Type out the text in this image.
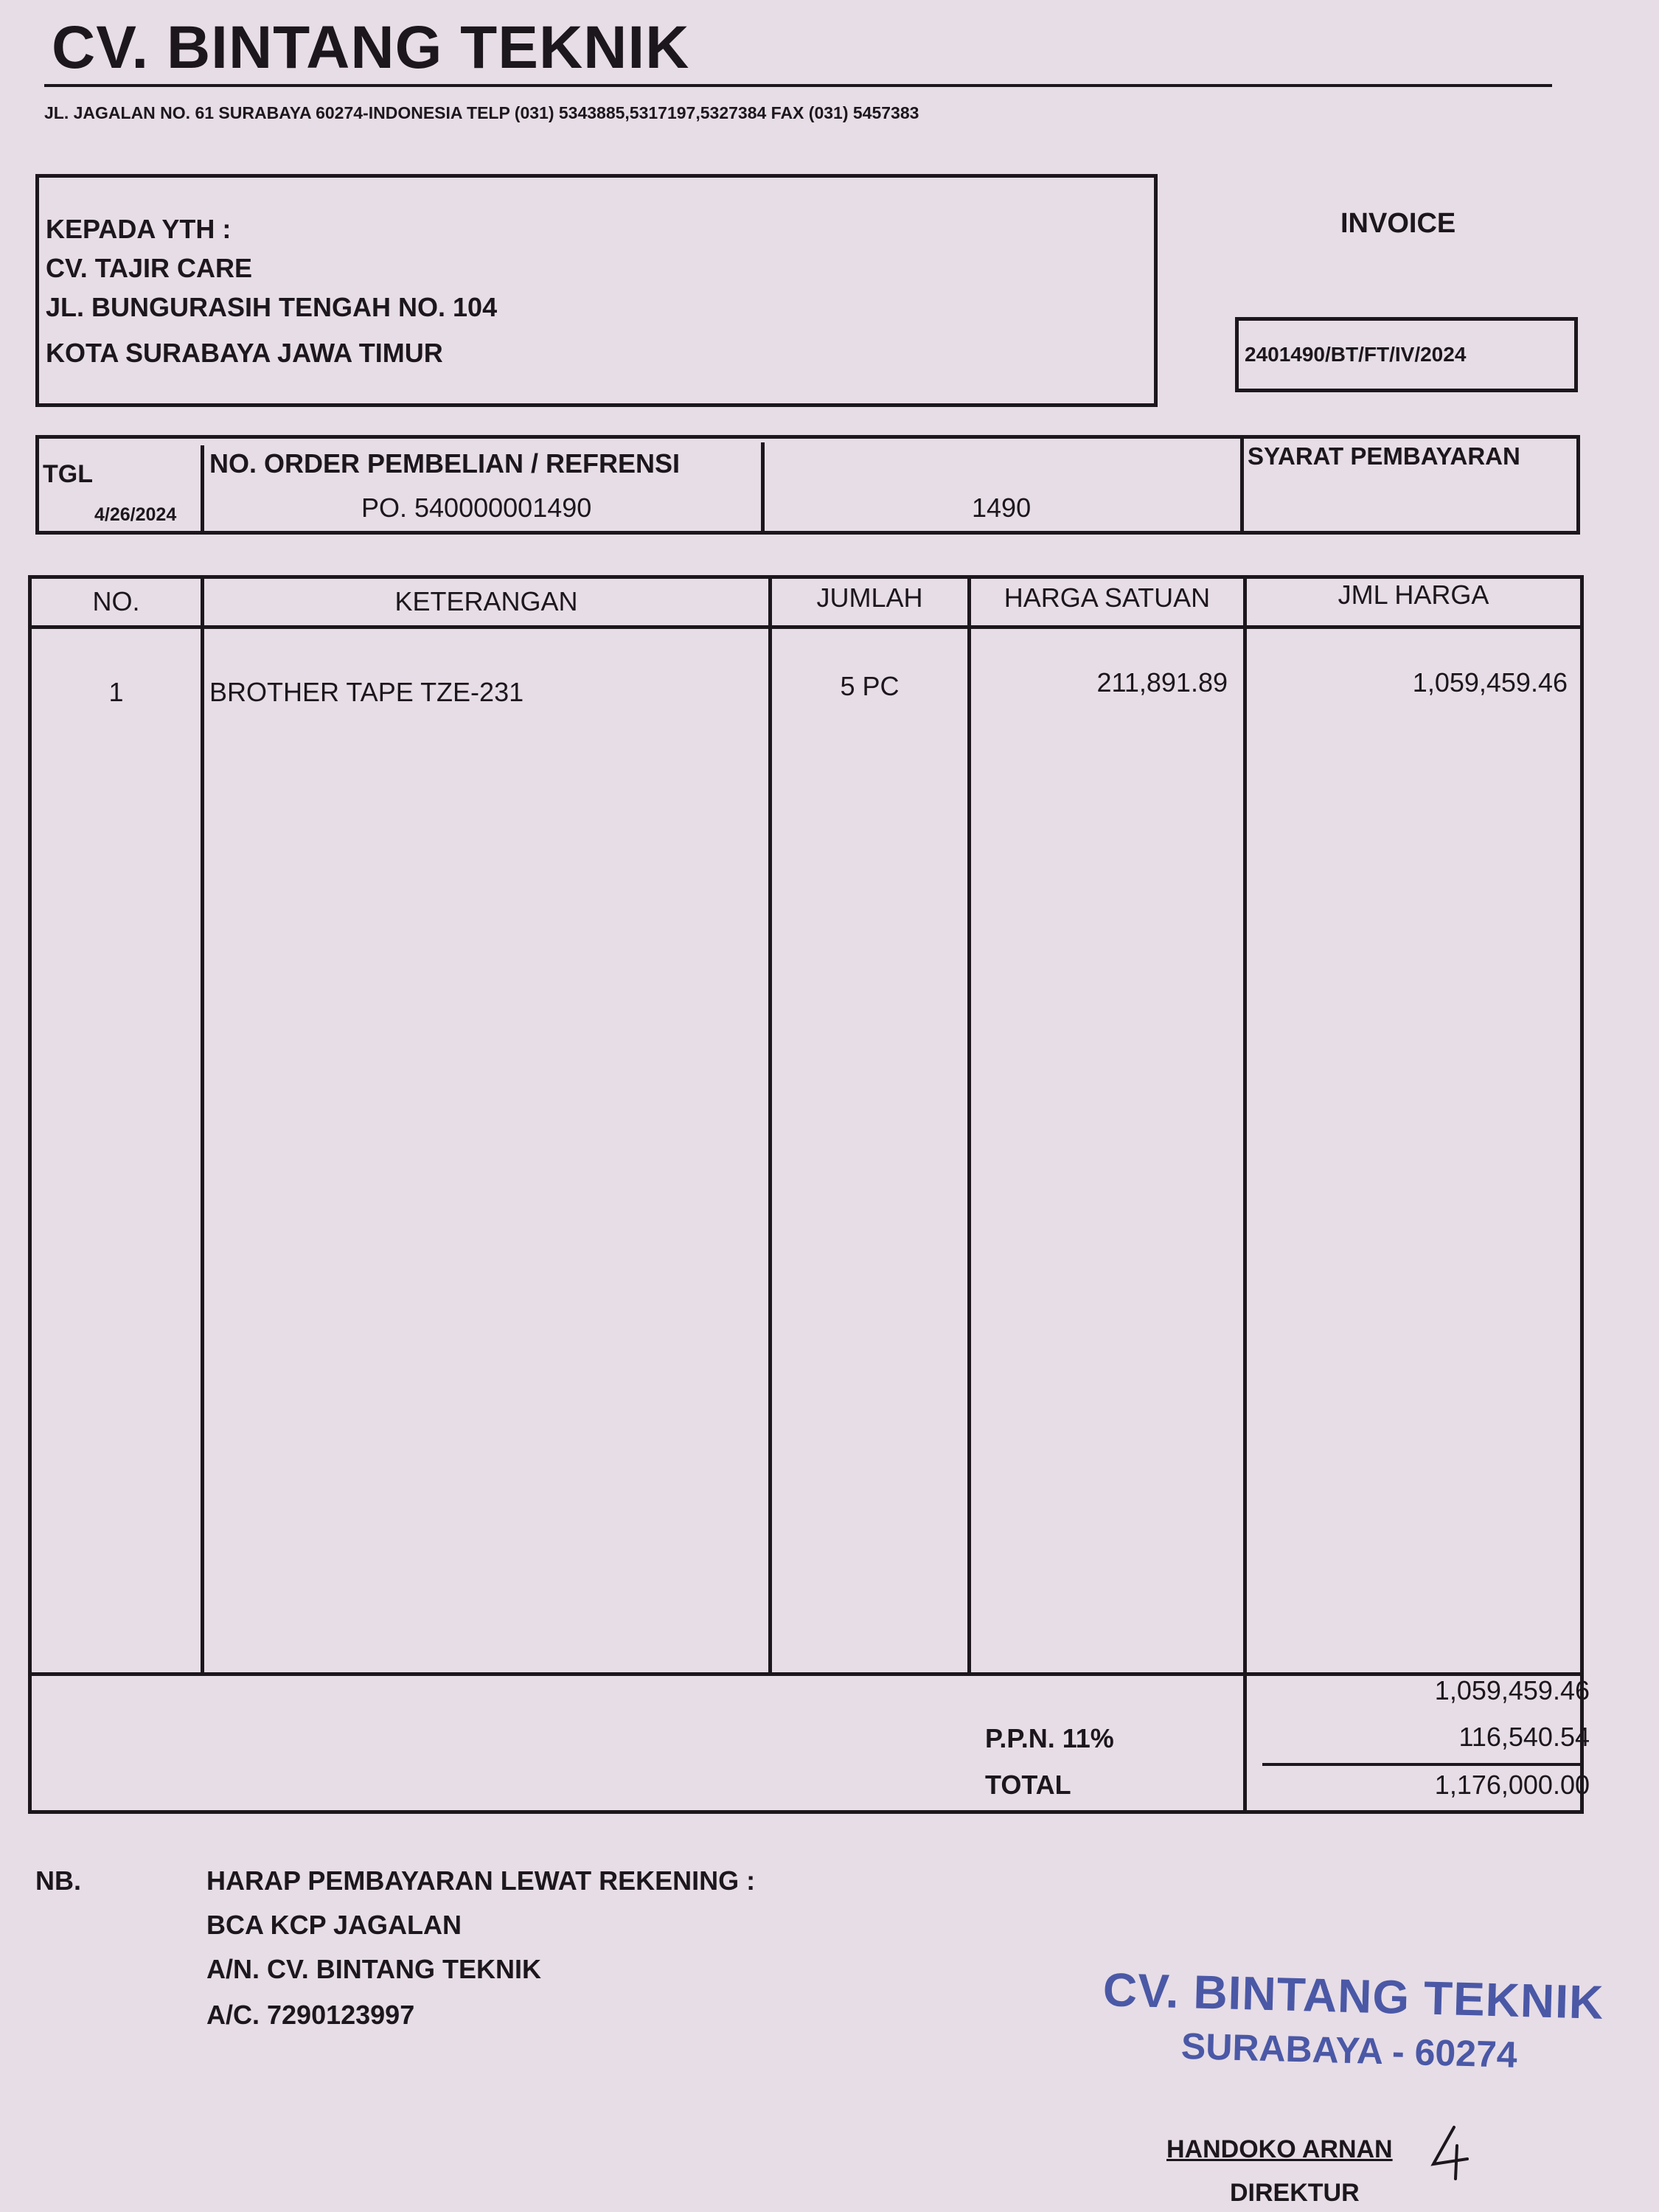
CV. BINTANG TEKNIK
JL. JAGALAN NO. 61 SURABAYA 60274-INDONESIA TELP (031) 5343885,5317197,5327384 FAX (031) 5457383
KEPADA YTH :
CV. TAJIR CARE
JL. BUNGURASIH TENGAH NO. 104
KOTA SURABAYA JAWA TIMUR
INVOICE
2401490/BT/FT/IV/2024
TGL
4/26/2024
NO. ORDER PEMBELIAN / REFRENSI
PO. 540000001490	1490
SYARAT PEMBAYARAN
NO.	KETERANGAN	JUMLAH	HARGA SATUAN	JML HARGA
1	BROTHER TAPE TZE-231	5 PC	211,891.89	1,059,459.46
1,059,459.46
P.P.N. 11%	116,540.54
TOTAL	1,176,000.00
NB.	HARAP PEMBAYARAN LEWAT REKENING :
BCA KCP JAGALAN
A/N. CV. BINTANG TEKNIK
A/C. 7290123997	CV. BINTANG TEKNIK
SURABAYA - 60274
HANDOKO ARNAN
DIREKTUR
